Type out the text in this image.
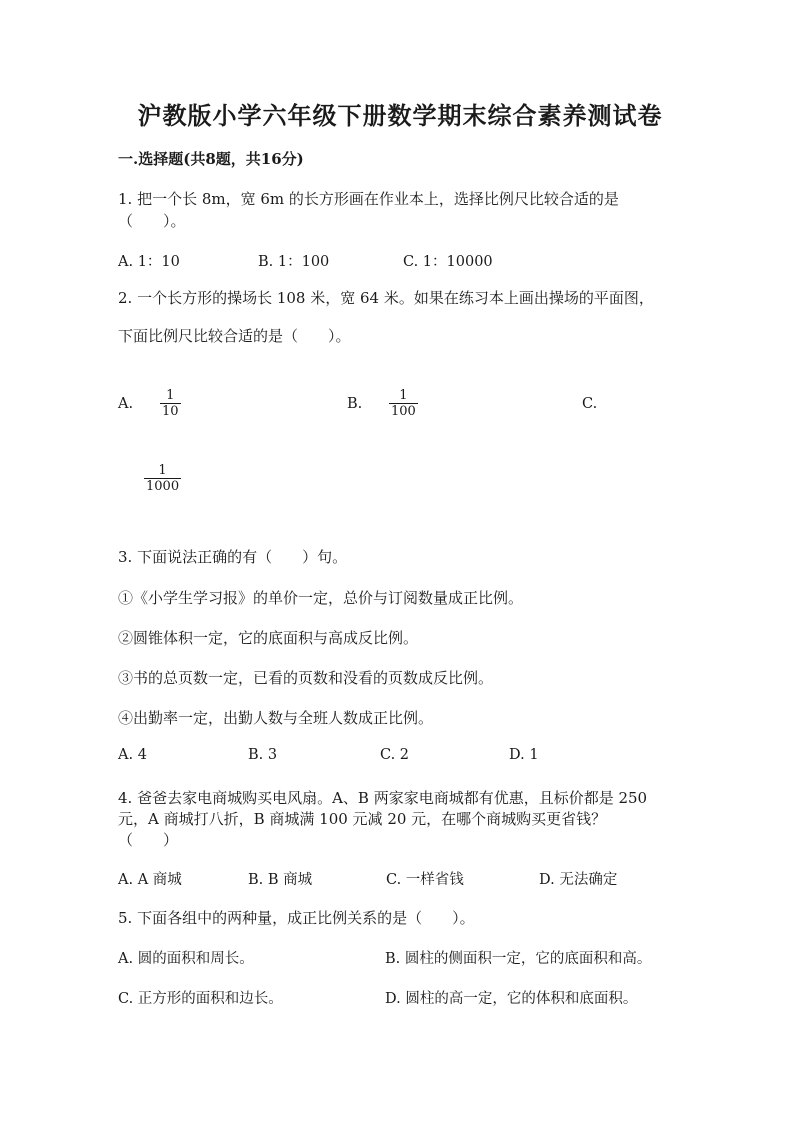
沪教版小学六年级下册数学期末综合素养测试卷
一.选择题(共8题，共16分)
1. 把一个长 8m，宽 6m 的长方形画在作业本上，选择比例尺比较合适的是
（　　）。
A. 1：10	B. 1：100	C. 1：10000
2. 一个长方形的操场长 108 米，宽 64 米。如果在练习本上画出操场的平面图，
下面比例尺比较合适的是（　　）。
A.
1
10	B.
1
100	C.
1
1000
3. 下面说法正确的有（　　）句。
①《小学生学习报》的单价一定，总价与订阅数量成正比例。
②圆锥体积一定，它的底面积与高成反比例。
③书的总页数一定，已看的页数和没看的页数成反比例。
④出勤率一定，出勤人数与全班人数成正比例。
A. 4	B. 3	C. 2	D. 1
4. 爸爸去家电商城购买电风扇。A、B 两家家电商城都有优惠，且标价都是 250
元，A 商城打八折，B 商城满 100 元减 20 元，在哪个商城购买更省钱？
（　　）
A. A 商城	B. B 商城	C. 一样省钱	D. 无法确定
5. 下面各组中的两种量，成正比例关系的是（　　）。
A. 圆的面积和周长。	B. 圆柱的侧面积一定，它的底面积和高。
C. 正方形的面积和边长。	D. 圆柱的高一定，它的体积和底面积。
